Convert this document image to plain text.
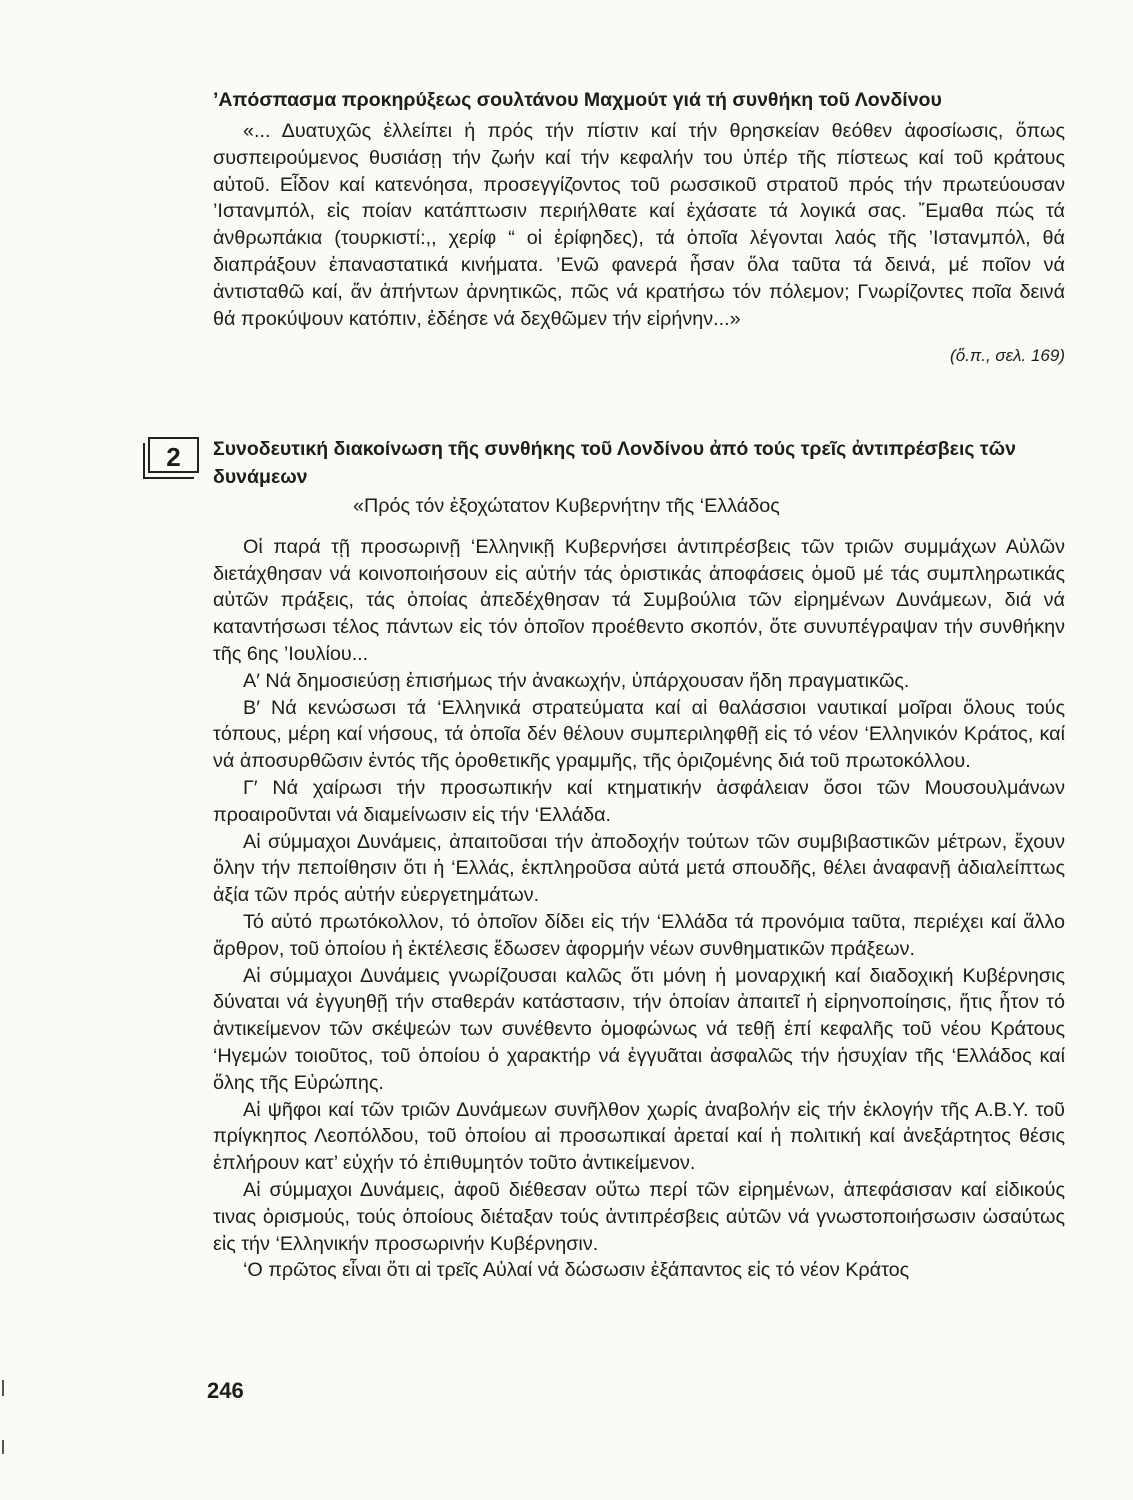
’Απόσπασμα προκηρύξεως σουλτάνου Μαχμούτ γιά τή συνθήκη τοῦ Λονδίνου

«... Δυατυχῶς ἐλλείπει ἡ πρός τήν πίστιν καί τήν θρησκείαν θεόθεν ἀφοσίωσις, ὅπως συσπειρούμενος θυσιάσῃ τήν ζωήν καί τήν κεφαλήν του ὑπέρ τῆς πίστεως καί τοῦ κράτους αὐτοῦ. Εἶδον καί κατενόησα, προσεγγίζοντος τοῦ ρωσσικοῦ στρατοῦ πρός τήν πρωτεύουσαν ’Ισταvμπόλ, εἰς ποίαν κατάπτωσιν περιήλθατε καί ἐχάσατε τά λογικά σας. ῎Εμαθα πώς τά ἀνθρωπάκια (τουρκιστί:,, χερίφ “ οἱ ἐρίφηδες), τά ὁποῖα λέγονται λαός τῆς ’Ισταvμπόλ, θά διαπράξουν ἐπαναστατικά κινήματα. ’Ενῶ φανερά ἦσαν ὅλα ταῦτα τά δεινά, μέ ποῖον νά ἀντισταθῶ καί, ἄν ἀπήντων ἀρνητικῶς, πῶς νά κρατήσω τόν πόλεμον; Γνωρίζοντες ποῖα δεινά θά προκύψουν κατόπιν, ἐδέησε νά δεχθῶμεν τήν εἰρήνην...»

(ὅ.π., σελ. 169)

2	Συνοδευτική διακοίνωση τῆς συνθήκης τοῦ Λονδίνου ἀπό τούς τρεῖς ἀντιπρέσβεις τῶν δυνάμεων

«Πρός τόν ἐξοχώτατον Κυβερνήτην τῆς ‘Ελλάδος

Οἱ παρά τῇ προσωρινῇ ‘Ελληνικῇ Κυβερνήσει ἀντιπρέσβεις τῶν τριῶν συμμάχων Αὐλῶν διετάχθησαν νά κοινοποιήσουν εἰς αὐτήν τάς ὁριστικάς ἀποφάσεις ὁμοῦ μέ τάς συμπληρωτικάς αὐτῶν πράξεις, τάς ὁποίας ἀπεδέχθησαν τά Συμβούλια τῶν εἰρημένων Δυνάμεων, διά νά καταντήσωσι τέλος πάντων εἰς τόν ὁποῖον προέθεντο σκοπόν, ὅτε συνυπέγραψαν τήν συνθήκην τῆς 6ης ’Ιουλίου...

Α′ Νά δημοσιεύσῃ ἐπισήμως τήν ἀνακωχήν, ὑπάρχουσαν ἤδη πραγματικῶς.

Β′ Νά κενώσωσι τά ‘Ελληνικά στρατεύματα καί αἱ θαλάσσιοι ναυτικαί μοῖραι ὅλους τούς τόπους, μέρη καί νήσους, τά ὁποῖα δέν θέλουν συμπεριληφθῇ εἰς τό νέον ‘Ελληνικόν Κράτος, καί νά ἀποσυρθῶσιν ἐντός τῆς ὁροθετικῆς γραμμῆς, τῆς ὁριζομένης διά τοῦ πρωτοκόλλου.

Γ′ Νά χαίρωσι τήν προσωπικήν καί κτηματικήν ἀσφάλειαν ὅσοι τῶν Μουσουλμάνων προαιροῦνται νά διαμείνωσιν εἰς τήν ‘Ελλάδα.

Αἱ σύμμαχοι Δυνάμεις, ἀπαιτοῦσαι τήν ἀποδοχήν τούτων τῶν συμβιβαστικῶν μέτρων, ἔχουν ὅλην τήν πεποίθησιν ὅτι ἡ ‘Ελλάς, ἐκπληροῦσα αὐτά μετά σπουδῆς, θέλει ἀναφανῇ ἀδιαλείπτως ἀξία τῶν πρός αὐτήν εὐεργετημάτων.

Τό αὐτό πρωτόκολλον, τό ὁποῖον δίδει εἰς τήν ‘Ελλάδα τά προνόμια ταῦτα, περιέχει καί ἄλλο ἄρθρον, τοῦ ὁποίου ἡ ἐκτέλεσις ἔδωσεν ἀφορμήν νέων συνθηματικῶν πράξεων.

Αἱ σύμμαχοι Δυνάμεις γνωρίζουσαι καλῶς ὅτι μόνη ἡ μοναρχική καί διαδοχική Κυβέρνησις δύναται νά ἐγγυηθῇ τήν σταθεράν κατάστασιν, τήν ὁποίαν ἀπαιτεῖ ἡ εἰρηνοποίησις, ἥτις ἦτον τό ἀντικείμενον τῶν σκέψεών των συνέθεντο ὁμοφώνως νά τεθῇ ἐπί κεφαλῆς τοῦ νέου Κράτους ‘Ηγεμών τοιοῦτος, τοῦ ὁποίου ὁ χαρακτήρ νά ἐγγυᾶται ἀσφαλῶς τήν ἡσυχίαν τῆς ‘Ελλάδος καί ὅλης τῆς Εὐρώπης.

Αἱ ψῆφοι καί τῶν τριῶν Δυνάμεων συνῆλθον χωρίς ἀναβολήν εἰς τήν ἐκλογήν τῆς Α.Β.Υ. τοῦ πρίγκηπος Λεοπόλδου, τοῦ ὁποίου αἱ προσωπικαί ἀρεταί καί ἡ πολιτική καί ἀνεξάρτητος θέσις ἐπλήρουν κατ’ εὐχήν τό ἐπιθυμητόν τοῦτο ἀντικείμενον.

Αἱ σύμμαχοι Δυνάμεις, ἀφοῦ διέθεσαν οὕτω περί τῶν εἰρημένων, ἀπεφάσισαν καί εἰδικούς τινας ὁρισμούς, τούς ὁποίους διέταξαν τούς ἀντιπρέσβεις αὐτῶν νά γνωστοποιήσωσιν ὡσαύτως εἰς τήν ‘Ελληνικήν προσωρινήν Κυβέρνησιν.

‘Ο πρῶτος εἶναι ὅτι αἱ τρεῖς Αὐλαί νά δώσωσιν ἐξάπαντος εἰς τό νέον Κράτος

246
